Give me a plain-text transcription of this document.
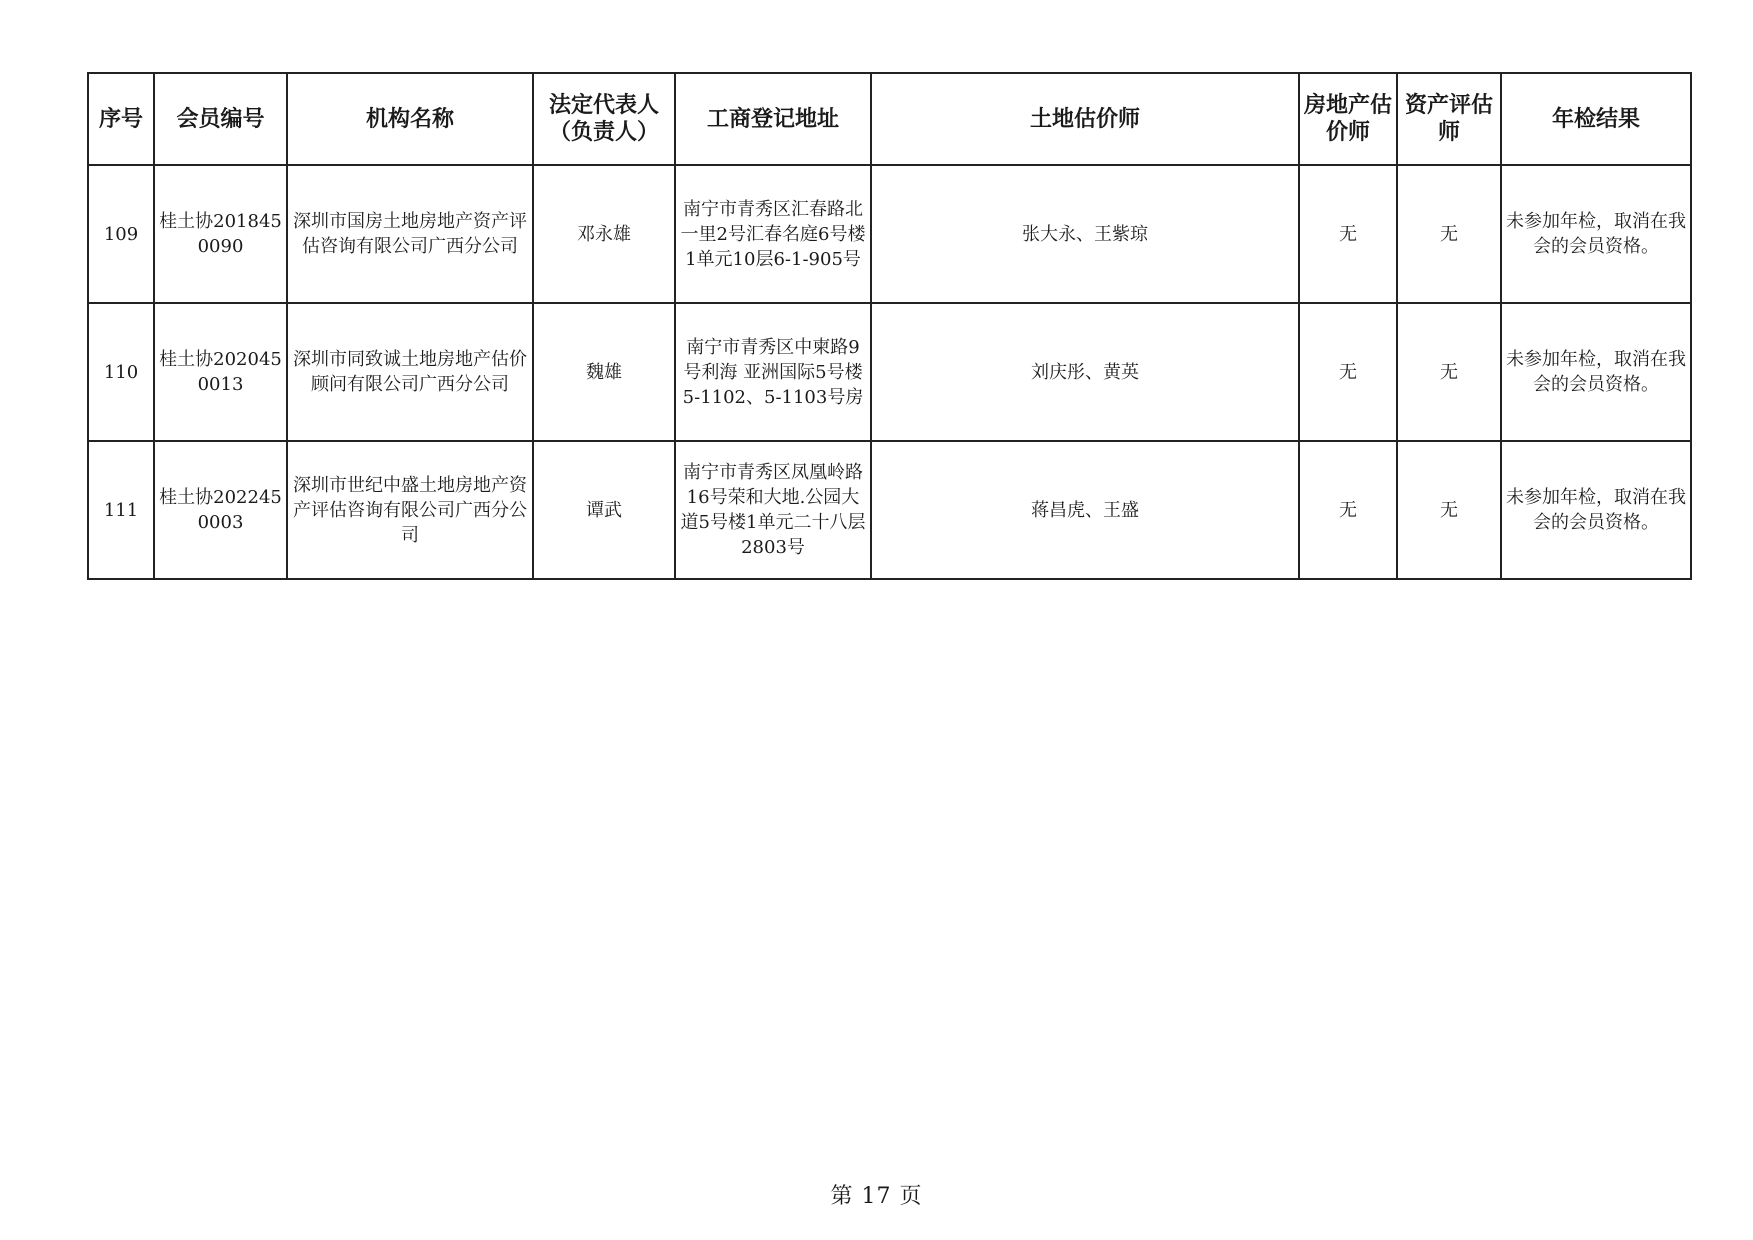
序号	会员编号	机构名称	法定代表人（负责人）	工商登记地址	土地估价师	房地产估价师	资产评估师	年检结果
109	桂土协2018450090	深圳市国房土地房地产资产评估咨询有限公司广西分公司	邓永雄	南宁市青秀区汇春路北一里2号汇春名庭6号楼1单元10层6-1-905号	张大永、王紫琼	无	无	未参加年检，取消在我会的会员资格。
110	桂土协2020450013	深圳市同致诚土地房地产估价顾问有限公司广西分公司	魏雄	南宁市青秀区中柬路9号利海 亚洲国际5号楼5-1102、5-1103号房	刘庆彤、黄英	无	无	未参加年检，取消在我会的会员资格。
111	桂土协2022450003	深圳市世纪中盛土地房地产资产评估咨询有限公司广西分公司	谭武	南宁市青秀区凤凰岭路16号荣和大地.公园大道5号楼1单元二十八层2803号	蒋昌虎、王盛	无	无	未参加年检，取消在我会的会员资格。
第 17 页
